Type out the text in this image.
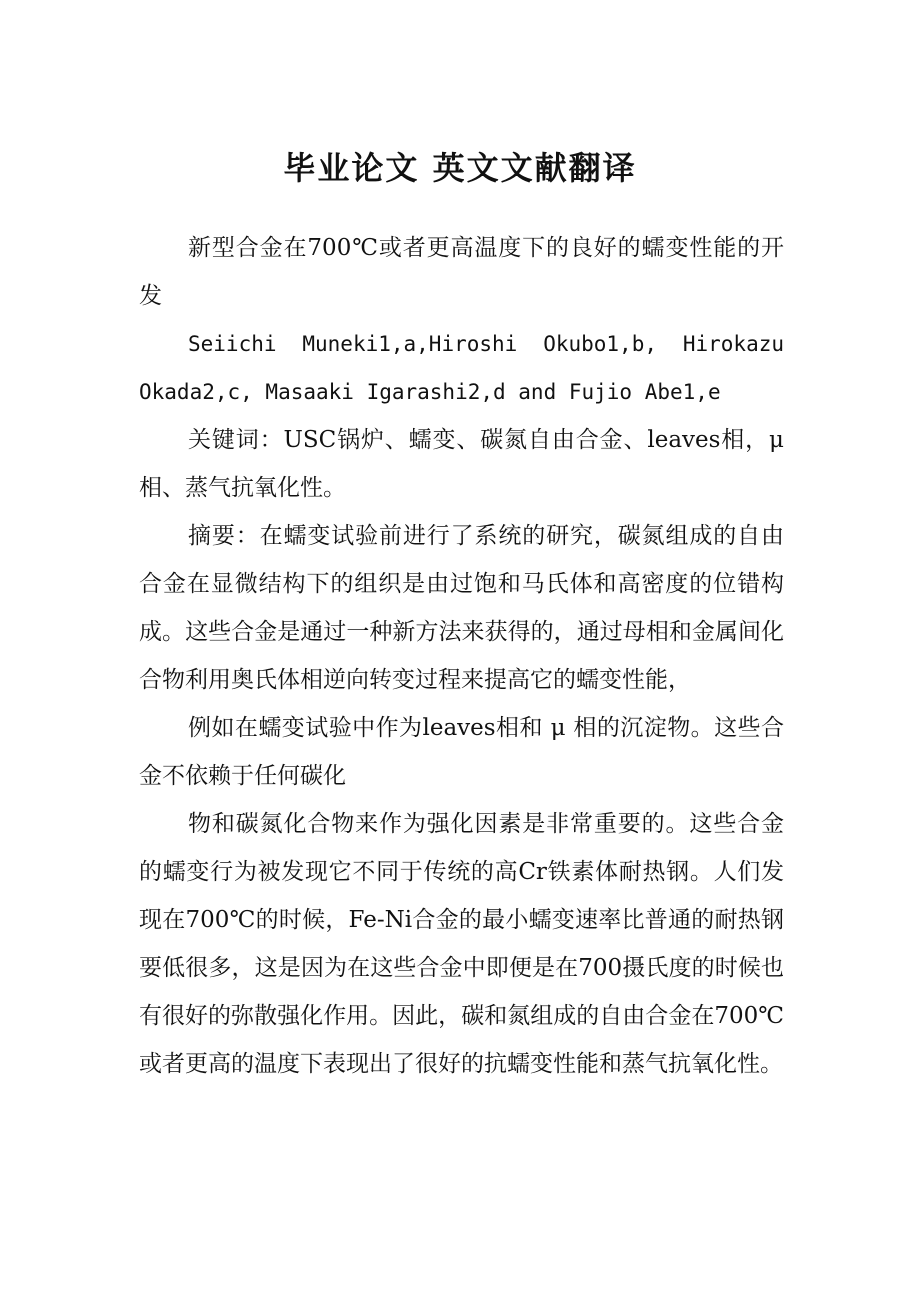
毕业论文 英文文献翻译

新型合金在700℃或者更高温度下的良好的蠕变性能的开发

Seiichi Muneki1,a,Hiroshi Okubo1,b, Hirokazu Okada2,c, Masaaki Igarashi2,d and Fujio Abe1,e

关键词：USC锅炉、蠕变、碳氮自由合金、leaves相，μ相、蒸气抗氧化性。

摘要：在蠕变试验前进行了系统的研究，碳氮组成的自由合金在显微结构下的组织是由过饱和马氏体和高密度的位错构成。这些合金是通过一种新方法来获得的，通过母相和金属间化合物利用奥氏体相逆向转变过程来提高它的蠕变性能，

例如在蠕变试验中作为leaves相和 μ 相的沉淀物。这些合金不依赖于任何碳化

物和碳氮化合物来作为强化因素是非常重要的。这些合金的蠕变行为被发现它不同于传统的高Cr铁素体耐热钢。人们发现在700℃的时候，Fe-Ni合金的最小蠕变速率比普通的耐热钢要低很多，这是因为在这些合金中即便是在700摄氏度的时候也有很好的弥散强化作用。因此，碳和氮组成的自由合金在700℃或者更高的温度下表现出了很好的抗蠕变性能和蒸气抗氧化性。
